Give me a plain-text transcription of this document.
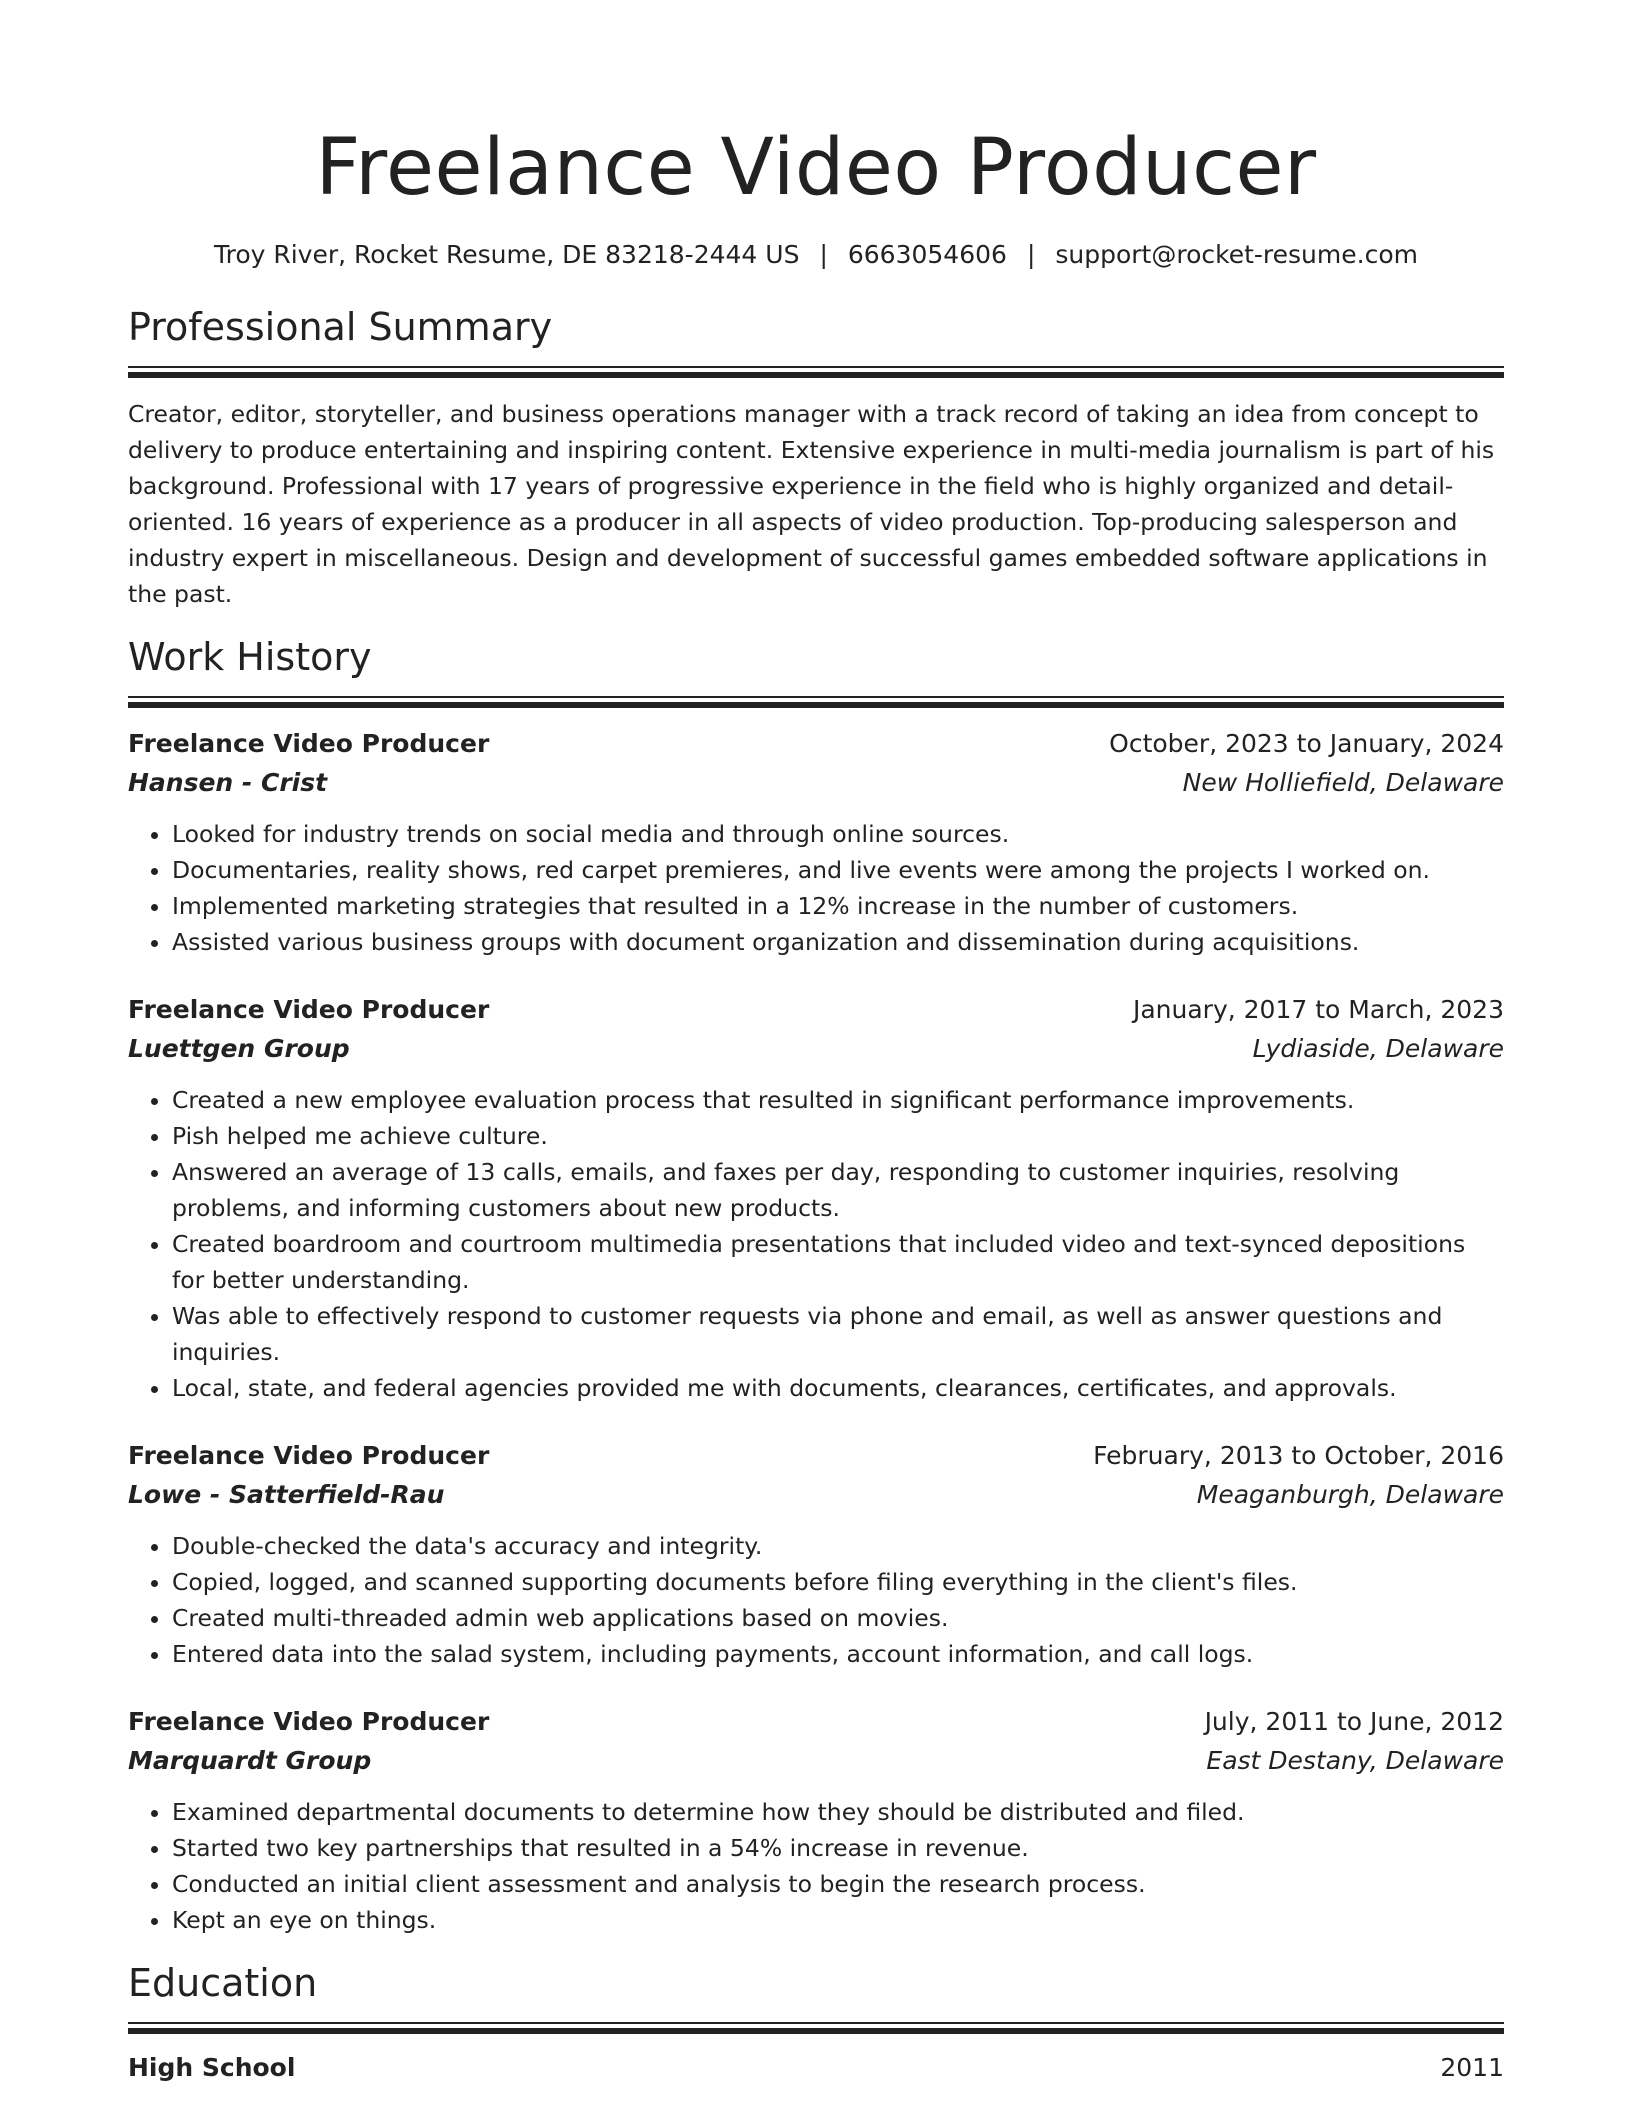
Freelance Video Producer
Troy River, Rocket Resume, DE 83218-2444 US | 6663054606 | support@rocket-resume.com
Professional Summary

Creator, editor, storyteller, and business operations manager with a track record of taking an idea from concept to delivery to produce entertaining and inspiring content. Extensive experience in multi-media journalism is part of his background. Professional with 17 years of progressive experience in the field who is highly organized and detail-oriented. 16 years of experience as a producer in all aspects of video production. Top-producing salesperson and industry expert in miscellaneous. Design and development of successful games embedded software applications in the past.

Work History
Freelance Video Producer	October, 2023 to January, 2024
Hansen - Crist	New Holliefield, Delaware
• Looked for industry trends on social media and through online sources.
• Documentaries, reality shows, red carpet premieres, and live events were among the projects I worked on.
• Implemented marketing strategies that resulted in a 12% increase in the number of customers.
• Assisted various business groups with document organization and dissemination during acquisitions.
Freelance Video Producer	January, 2017 to March, 2023
Luettgen Group	Lydiaside, Delaware
• Created a new employee evaluation process that resulted in significant performance improvements.
• Pish helped me achieve culture.
• Answered an average of 13 calls, emails, and faxes per day, responding to customer inquiries, resolving problems, and informing customers about new products.
• Created boardroom and courtroom multimedia presentations that included video and text-synced depositions for better understanding.
• Was able to effectively respond to customer requests via phone and email, as well as answer questions and inquiries.
• Local, state, and federal agencies provided me with documents, clearances, certificates, and approvals.
Freelance Video Producer	February, 2013 to October, 2016
Lowe - Satterfield-Rau	Meaganburgh, Delaware
• Double-checked the data's accuracy and integrity.
• Copied, logged, and scanned supporting documents before filing everything in the client's files.
• Created multi-threaded admin web applications based on movies.
• Entered data into the salad system, including payments, account information, and call logs.
Freelance Video Producer	July, 2011 to June, 2012
Marquardt Group	East Destany, Delaware
• Examined departmental documents to determine how they should be distributed and filed.
• Started two key partnerships that resulted in a 54% increase in revenue.
• Conducted an initial client assessment and analysis to begin the research process.
• Kept an eye on things.
Education
High School	2011
